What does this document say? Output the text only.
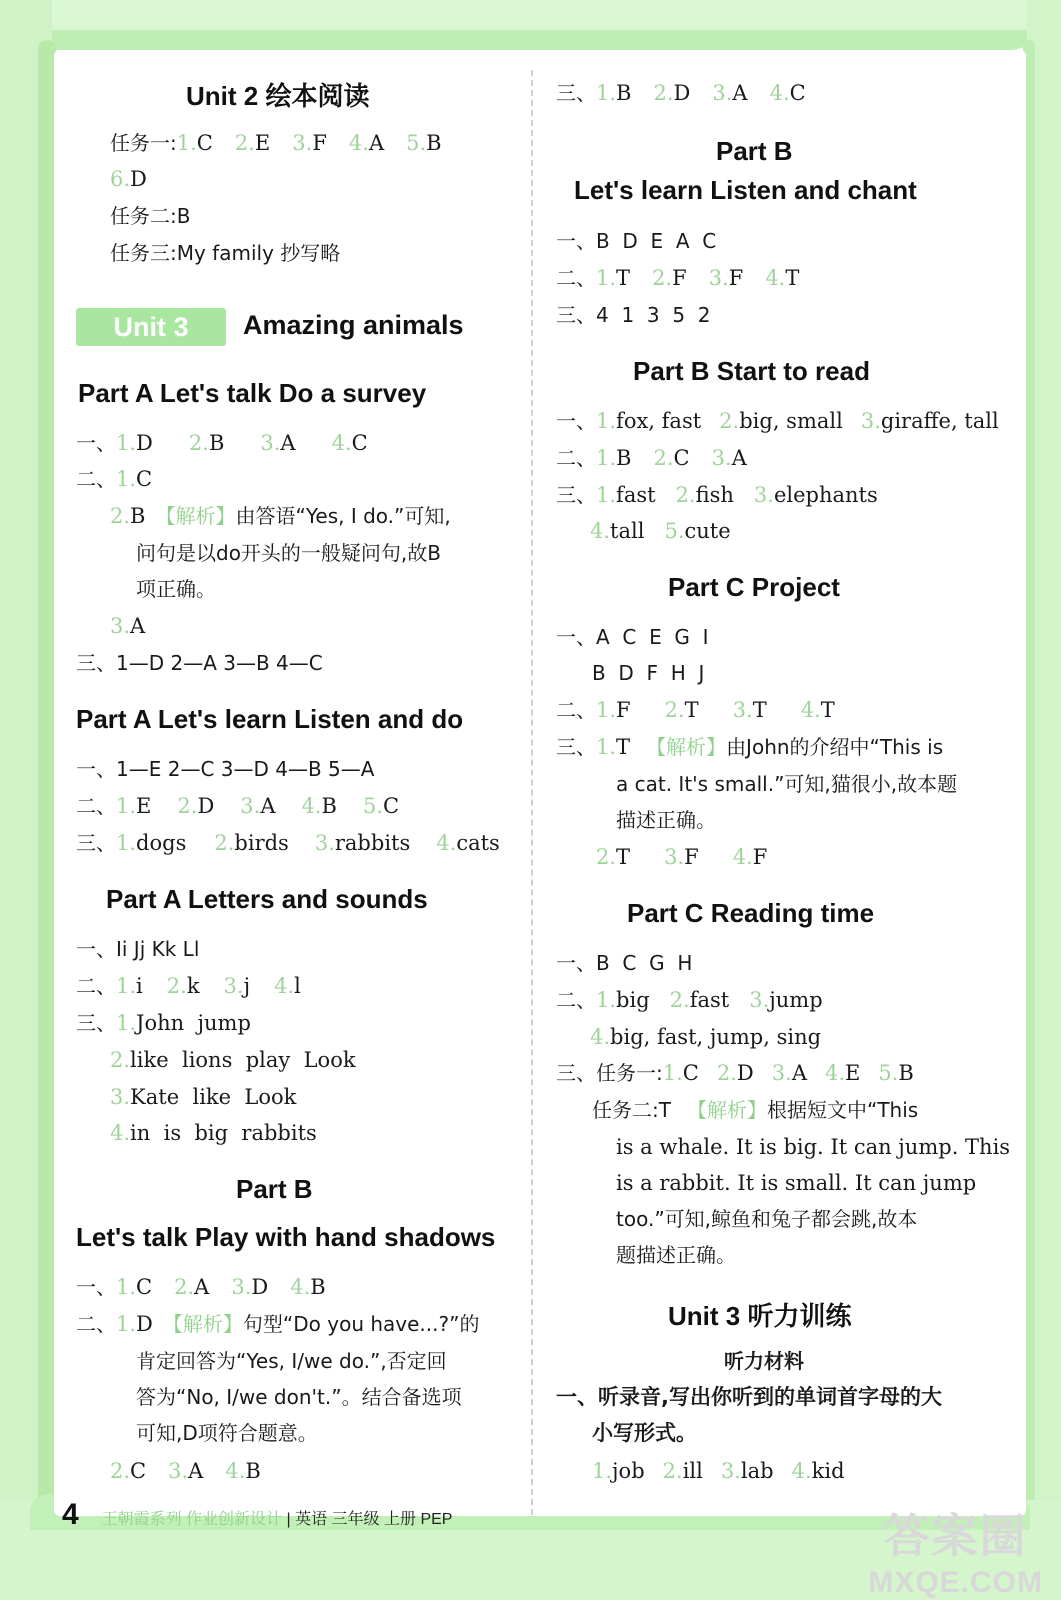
Unit 2 绘本阅读
任务一:1.C 2.E 3.F 4.A 5.B
6.D
任务二:B
任务三:My family 抄写略
Unit 3	Amazing animals
Part A Let's talk Do a survey
一、1.D 2.B 3.A 4.C
二、1.C
2.B 【解析】由答语“Yes, I do.”可知,
问句是以do开头的一般疑问句,故B
项正确。
3.A
三、1—D 2—A 3—B 4—C
Part A Let's learn Listen and do
一、1—E 2—C 3—D 4—B 5—A
二、1.E 2.D 3.A 4.B 5.C
三、1.dogs 2.birds 3.rabbits 4.cats
Part A Letters and sounds
一、Ii Jj Kk Ll
二、1.i 2.k 3.j 4.l
三、1.John  jump
2.like  lions  play  Look
3.Kate  like  Look
4.in  is  big  rabbits
Part B
Let's talk Play with hand shadows
一、1.C 2.A 3.D 4.B
二、1.D 【解析】句型“Do you have...?”的
肯定回答为“Yes, I/we do.”,否定回
答为“No, I/we don't.”。结合备选项
可知,D项符合题意。
2.C 3.A 4.B
三、1.B 2.D 3.A 4.C
Part B
Let's learn Listen and chant
一、B  D  E  A  C
二、1.T 2.F 3.F 4.T
三、4  1  3  5  2
Part B Start to read
一、1.fox, fast 2.big, small 3.giraffe, tall
二、1.B 2.C 3.A
三、1.fast 2.fish 3.elephants
4.tall 5.cute
Part C Project
一、A  C  E  G  I
B  D  F  H  J
二、1.F 2.T 3.T 4.T
三、1.T 【解析】由John的介绍中“This is
a cat. It's small.”可知,猫很小,故本题
描述正确。
2.T 3.F 4.F
Part C Reading time
一、B  C  G  H
二、1.big 2.fast 3.jump
4.big, fast, jump, sing
三、任务一:1.C 2.D 3.A 4.E 5.B
任务二:T 【解析】根据短文中“This
is a whale. It is big. It can jump. This
is a rabbit. It is small. It can jump
too.”可知,鲸鱼和兔子都会跳,故本
题描述正确。
Unit 3 听力训练
听力材料
一、听录音,写出你听到的单词首字母的大
小写形式。
1.job 2.ill 3.lab 4.kid
4 王朝霞系列 作业创新设计 | 英语 三年级 上册 PEP	答案圈
MXQE.COM
